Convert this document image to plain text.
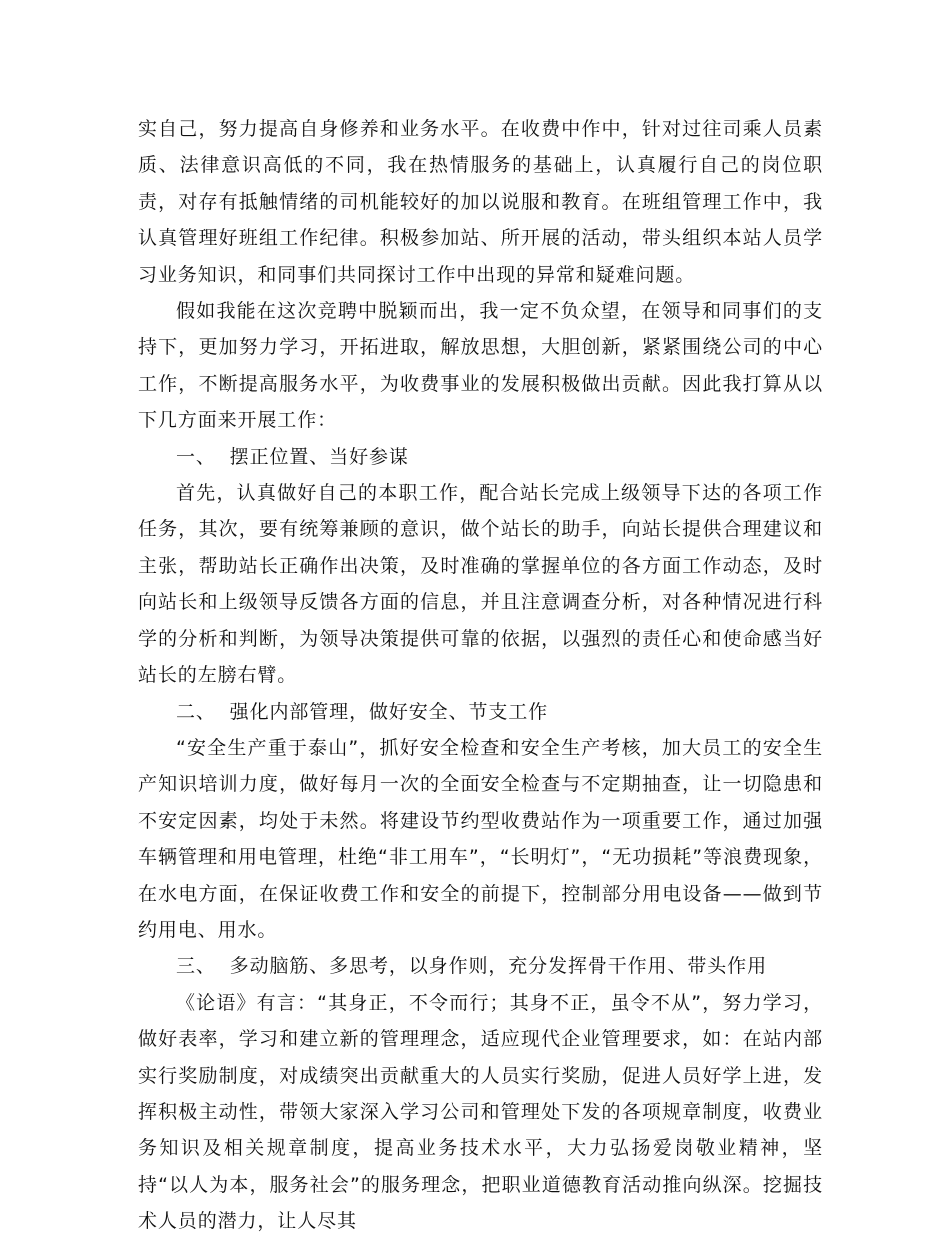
实自己，努力提高自身修养和业务水平。在收费中作中，针对过往司乘人员素质、法律意识高低的不同，我在热情服务的基础上，认真履行自己的岗位职责，对存有抵触情绪的司机能较好的加以说服和教育。在班组管理工作中，我认真管理好班组工作纪律。积极参加站、所开展的活动，带头组织本站人员学习业务知识，和同事们共同探讨工作中出现的异常和疑难问题。

假如我能在这次竞聘中脱颖而出，我一定不负众望，在领导和同事们的支持下，更加努力学习，开拓进取，解放思想，大胆创新，紧紧围绕公司的中心工作，不断提高服务水平，为收费事业的发展积极做出贡献。因此我打算从以下几方面来开展工作：

一、  摆正位置、当好参谋

首先，认真做好自己的本职工作，配合站长完成上级领导下达的各项工作任务，其次，要有统筹兼顾的意识，做个站长的助手，向站长提供合理建议和主张，帮助站长正确作出决策，及时准确的掌握单位的各方面工作动态，及时向站长和上级领导反馈各方面的信息，并且注意调查分析，对各种情况进行科学的分析和判断，为领导决策提供可靠的依据，以强烈的责任心和使命感当好站长的左膀右臂。

二、  强化内部管理，做好安全、节支工作

“安全生产重于泰山”，抓好安全检查和安全生产考核，加大员工的安全生产知识培训力度，做好每月一次的全面安全检查与不定期抽查，让一切隐患和不安定因素，均处于未然。将建设节约型收费站作为一项重要工作，通过加强车辆管理和用电管理，杜绝“非工用车”，“长明灯”，“无功损耗”等浪费现象，在水电方面，在保证收费工作和安全的前提下，控制部分用电设备——做到节约用电、用水。

三、  多动脑筋、多思考，以身作则，充分发挥骨干作用、带头作用

《论语》有言：“其身正，不令而行；其身不正，虽令不从”，努力学习，做好表率，学习和建立新的管理理念，适应现代企业管理要求，如：在站内部实行奖励制度，对成绩突出贡献重大的人员实行奖励，促进人员好学上进，发挥积极主动性，带领大家深入学习公司和管理处下发的各项规章制度，收费业务知识及相关规章制度，提高业务技术水平，大力弘扬爱岗敬业精神，坚持“以人为本，服务社会”的服务理念，把职业道德教育活动推向纵深。挖掘技术人员的潜力，让人尽其
